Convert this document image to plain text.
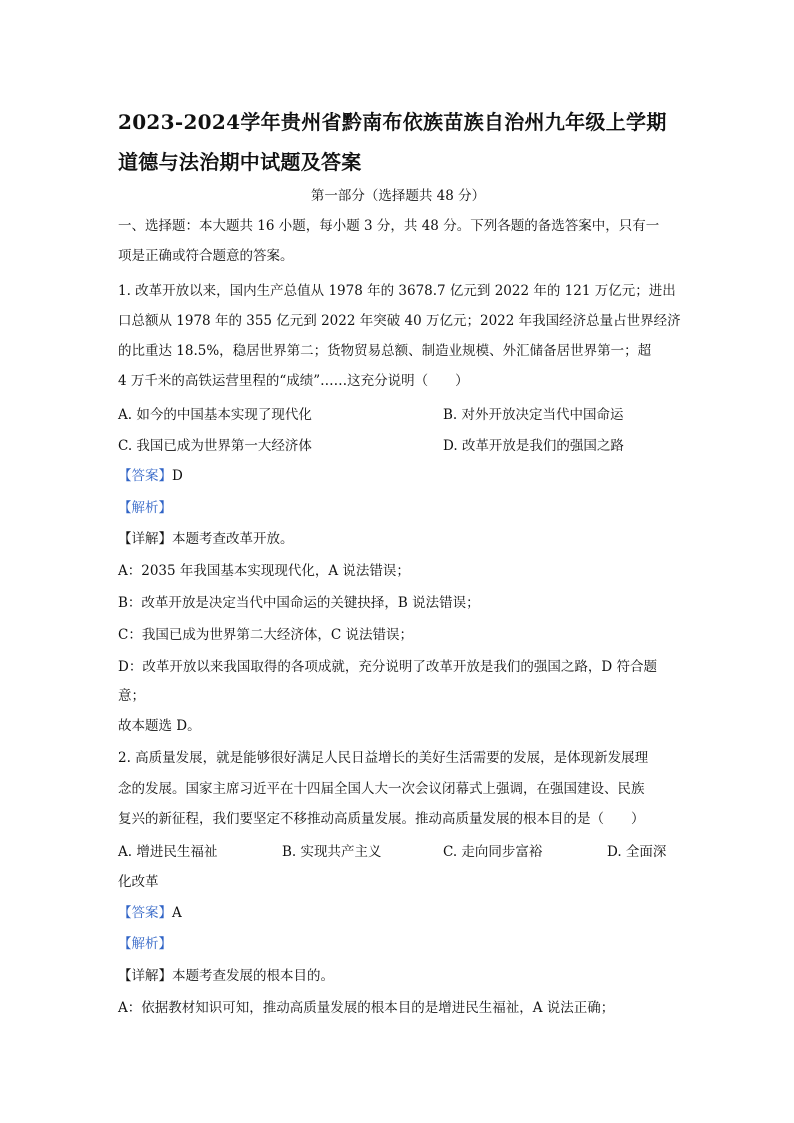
2023-2024学年贵州省黔南布依族苗族自治州九年级上学期
道德与法治期中试题及答案

第一部分（选择题共 48 分）

一、选择题：本大题共 16 小题，每小题 3 分，共 48 分。下列各题的备选答案中，只有一

项是正确或符合题意的答案。

1. 改革开放以来，国内生产总值从 1978 年的 3678.7 亿元到 2022 年的 121 万亿元；进出

口总额从 1978 年的 355 亿元到 2022 年突破 40 万亿元；2022 年我国经济总量占世界经济

的比重达 18.5%，稳居世界第二；货物贸易总额、制造业规模、外汇储备居世界第一；超

4 万千米的高铁运营里程的“成绩”……这充分说明（　　）

A. 如今的中国基本实现了现代化	B. 对外开放决定当代中国命运
C. 我国已成为世界第一大经济体	D. 改革开放是我们的强国之路

【答案】D

【解析】

【详解】本题考查改革开放。

A：2035 年我国基本实现现代化，A 说法错误；

B：改革开放是决定当代中国命运的关键抉择，B 说法错误；

C：我国已成为世界第二大经济体，C 说法错误；

D：改革开放以来我国取得的各项成就，充分说明了改革开放是我们的强国之路，D 符合题

意；

故本题选 D。

2. 高质量发展，就是能够很好满足人民日益增长的美好生活需要的发展，是体现新发展理

念的发展。国家主席习近平在十四届全国人大一次会议闭幕式上强调，在强国建设、民族

复兴的新征程，我们要坚定不移推动高质量发展。推动高质量发展的根本目的是（　　）

A. 增进民生福祉	B. 实现共产主义	C. 走向同步富裕	D. 全面深

化改革

【答案】A

【解析】

【详解】本题考查发展的根本目的。

A：依据教材知识可知，推动高质量发展的根本目的是增进民生福祉，A 说法正确；
